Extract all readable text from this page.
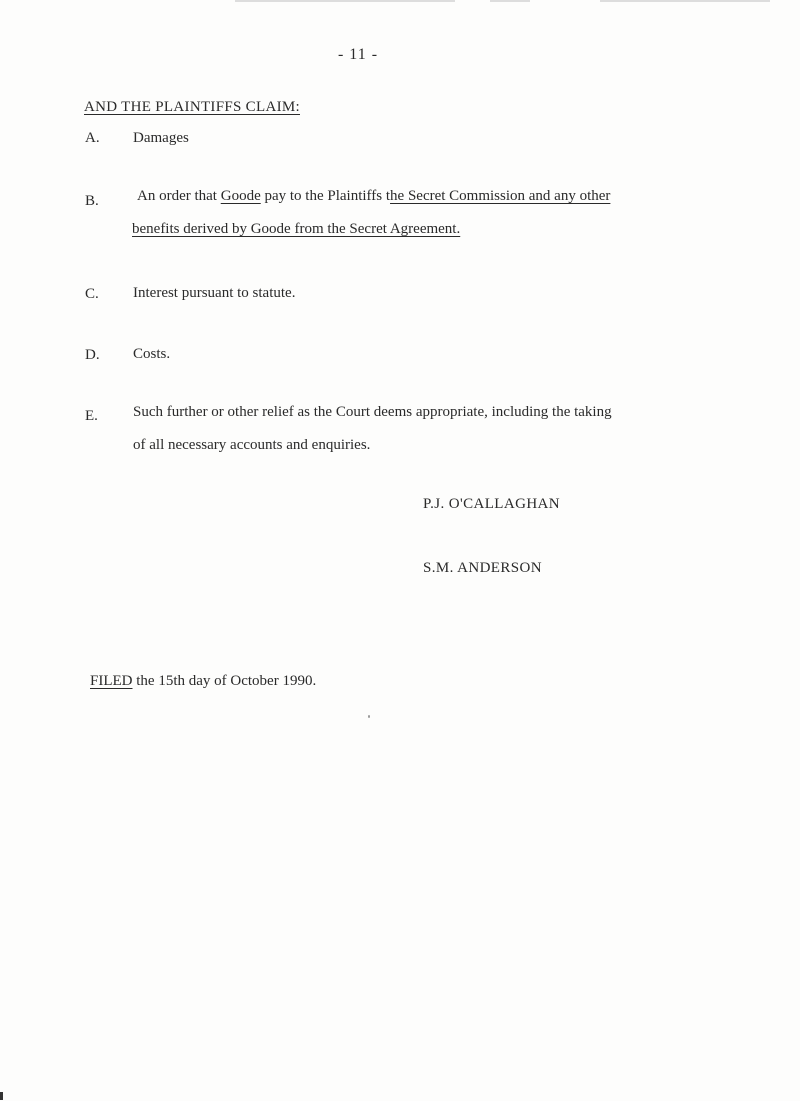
- 11 -
AND THE PLAINTIFFS CLAIM:
A. Damages
B.	An order that Goode pay to the Plaintiffs the Secret Commission and any other
benefits derived by Goode from the Secret Agreement.
C. Interest pursuant to statute.
D. Costs.
E. Such further or other relief as the Court deems appropriate, including the taking
of all necessary accounts and enquiries.
P.J. O'CALLAGHAN
S.M. ANDERSON
FILED the 15th day of October 1990.
